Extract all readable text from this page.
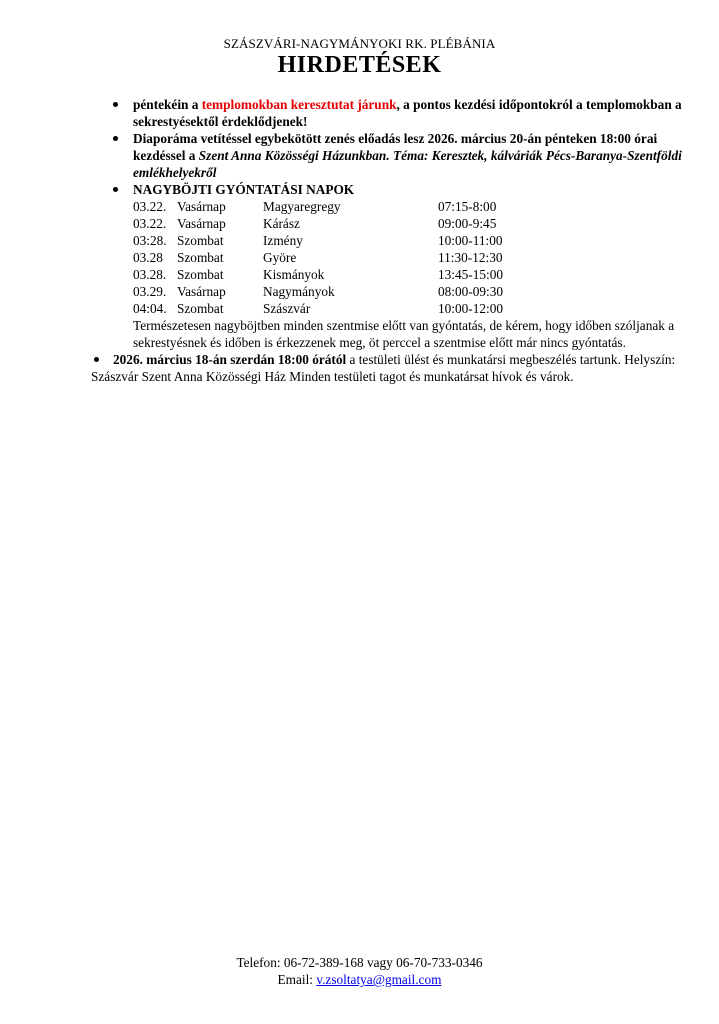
SZÁSZVÁRI-NAGYMÁNYOKI RK. PLÉBÁNIA
HIRDETÉSEK
péntekéin a templomokban keresztutat járunk, a pontos kezdési időpontokról a templomokban a sekrestyésektől érdeklődjenek!
Diaporáma vetítéssel egybekötött zenés előadás lesz 2026. március 20-án pénteken 18:00 órai kezdéssel a Szent Anna Közösségi Házunkban. Téma: Keresztek, kálváriák Pécs-Baranya-Szentföldi emlékhelyekről
NAGYBÖJTI GYÓNTATÁSI NAPOK
03.22. Vasárnap	Magyaregregy	07:15-8:00
03.22. Vasárnap	Kárász	09:00-9:45
03:28. Szombat	Izmény	10:00-11:00
03.28 Szombat	Györe	11:30-12:30
03.28. Szombat	Kismányok	13:45-15:00
03.29. Vasárnap	Nagymányok	08:00-09:30
04:04. Szombat	Szászvár	10:00-12:00
Természetesen nagyböjtben minden szentmise előtt van gyóntatás, de kérem, hogy időben szóljanak a sekrestyésnek és időben is érkezzenek meg, öt perccel a szentmise előtt már nincs gyóntatás.
2026. március 18-án szerdán 18:00 órától a testületi ülést és munkatársi megbeszélés tartunk. Helyszín: Szászvár Szent Anna Közösségi Ház Minden testületi tagot és munkatársat hívok és várok.
Telefon: 06-72-389-168 vagy 06-70-733-0346
Email: v.zsoltatya@gmail.com
